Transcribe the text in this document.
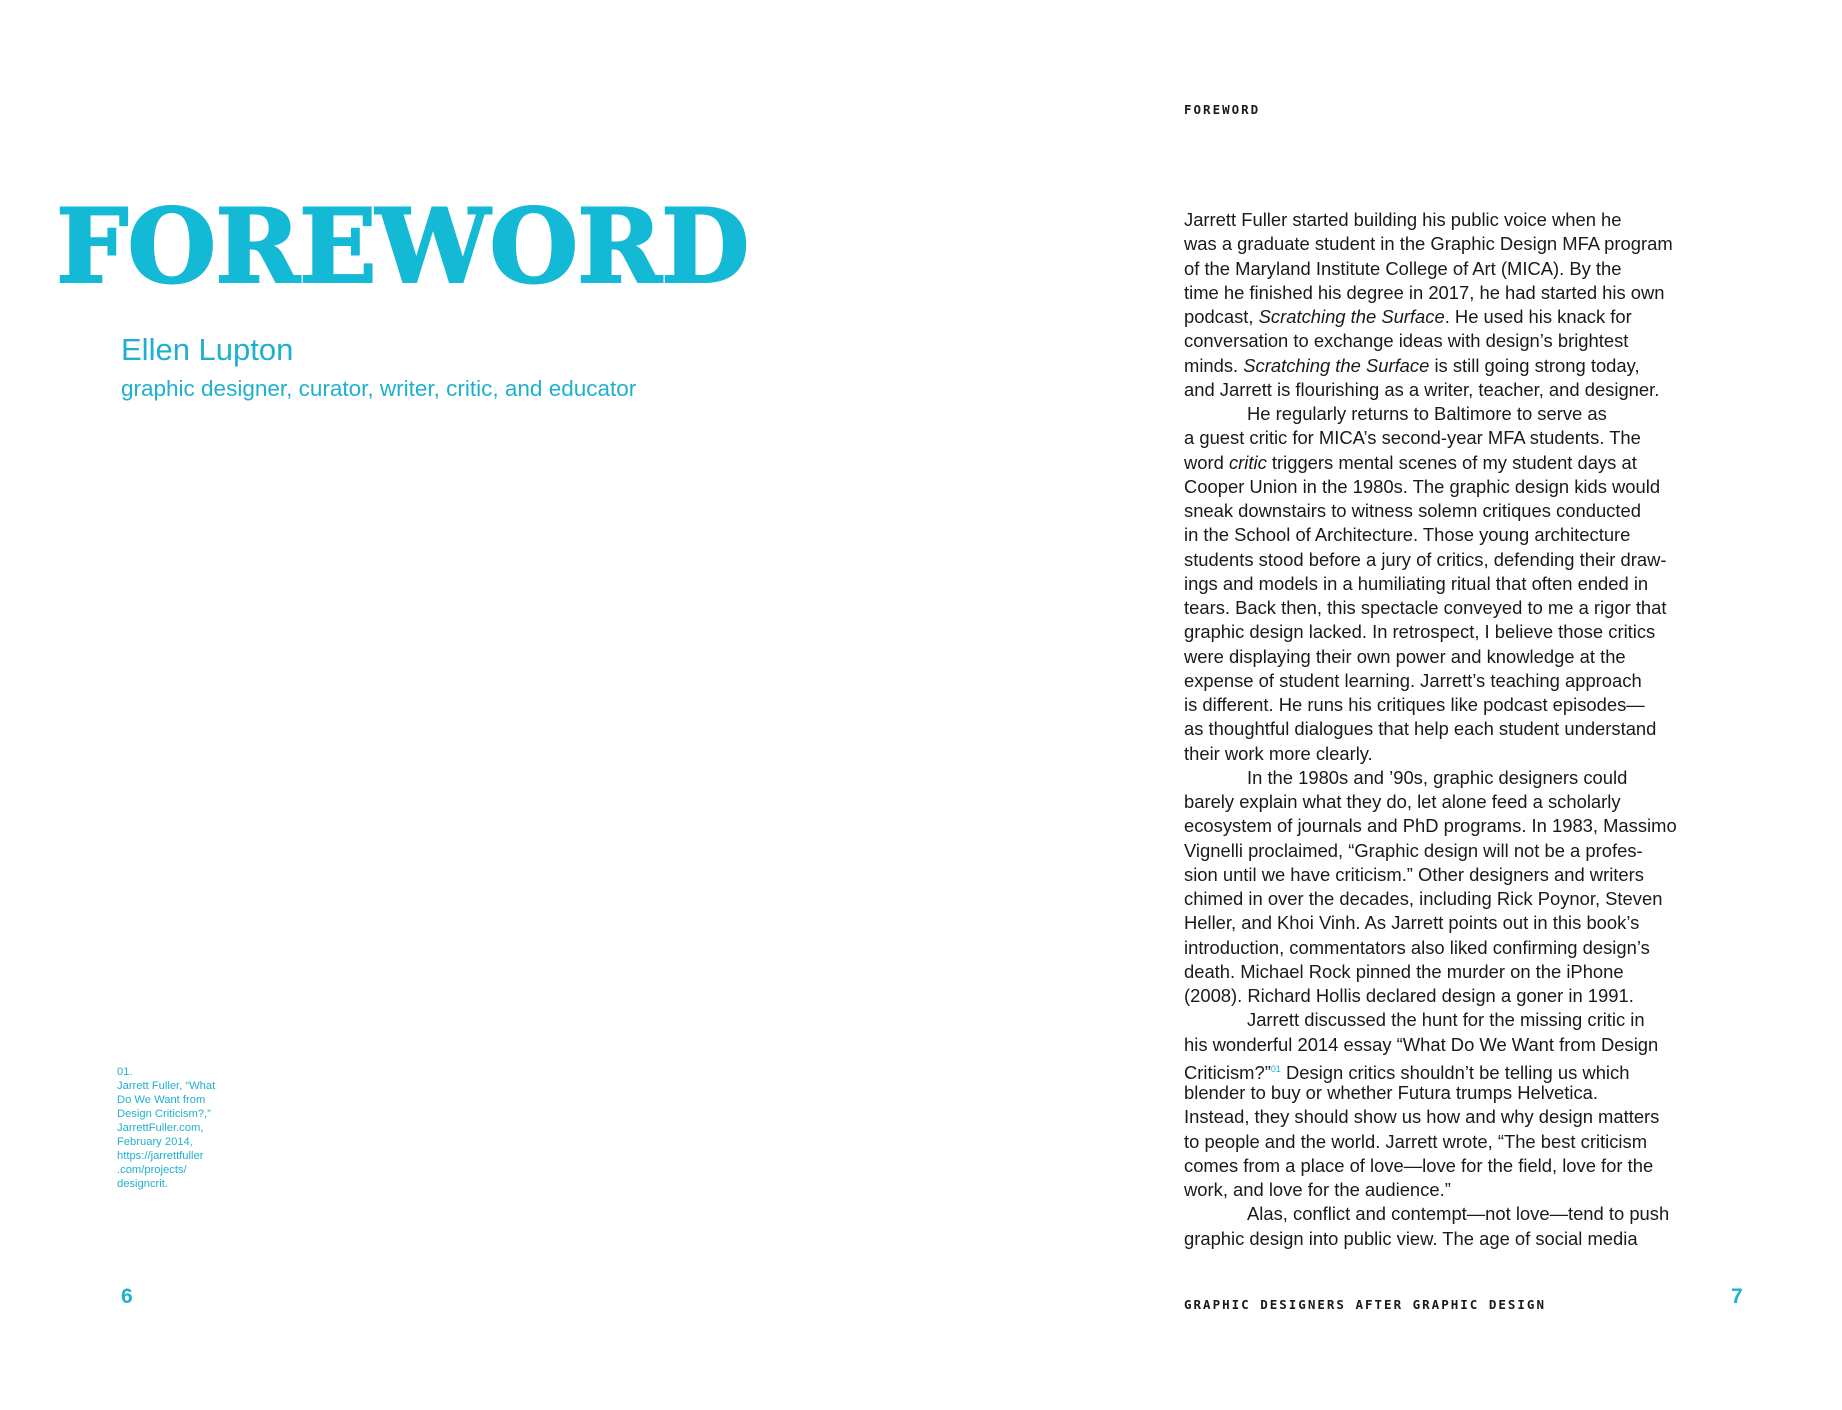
FOREWORD
Ellen Lupton
graphic designer, curator, writer, critic, and educator
6
01.
Jarrett Fuller, “What
Do We Want from
Design Criticism?,”
JarrettFuller.com,
February 2014,
https://jarrettfuller
.com/projects/
designcrit.
FOREWORD
Jarrett Fuller started building his public voice when he
was a graduate student in the Graphic Design MFA program
of the Maryland Institute College of Art (MICA). By the
time he finished his degree in 2017, he had started his own
podcast, Scratching the Surface. He used his knack for
conversation to exchange ideas with design’s brightest
minds. Scratching the Surface is still going strong today,
and Jarrett is flourishing as a writer, teacher, and designer.
He regularly returns to Baltimore to serve as
a guest critic for MICA’s second-year MFA students. The
word critic triggers mental scenes of my student days at
Cooper Union in the 1980s. The graphic design kids would
sneak downstairs to witness solemn critiques conducted
in the School of Architecture. Those young architecture
students stood before a jury of critics, defending their draw-
ings and models in a humiliating ritual that often ended in
tears. Back then, this spectacle conveyed to me a rigor that
graphic design lacked. In retrospect, I believe those critics
were displaying their own power and knowledge at the
expense of student learning. Jarrett’s teaching approach
is different. He runs his critiques like podcast episodes—
as thoughtful dialogues that help each student understand
their work more clearly.
In the 1980s and ’90s, graphic designers could
barely explain what they do, let alone feed a scholarly
ecosystem of journals and PhD programs. In 1983, Massimo
Vignelli proclaimed, “Graphic design will not be a profes-
sion until we have criticism.” Other designers and writers
chimed in over the decades, including Rick Poynor, Steven
Heller, and Khoi Vinh. As Jarrett points out in this book’s
introduction, commentators also liked confirming design’s
death. Michael Rock pinned the murder on the iPhone
(2008). Richard Hollis declared design a goner in 1991.
Jarrett discussed the hunt for the missing critic in
his wonderful 2014 essay “What Do We Want from Design
Criticism?”$^{01}$ Design critics shouldn’t be telling us which
blender to buy or whether Futura trumps Helvetica.
Instead, they should show us how and why design matters
to people and the world. Jarrett wrote, “The best criticism
comes from a place of love—love for the field, love for the
work, and love for the audience.”
Alas, conflict and contempt—not love—tend to push
graphic design into public view. The age of social media
GRAPHIC DESIGNERS AFTER GRAPHIC DESIGN	7
